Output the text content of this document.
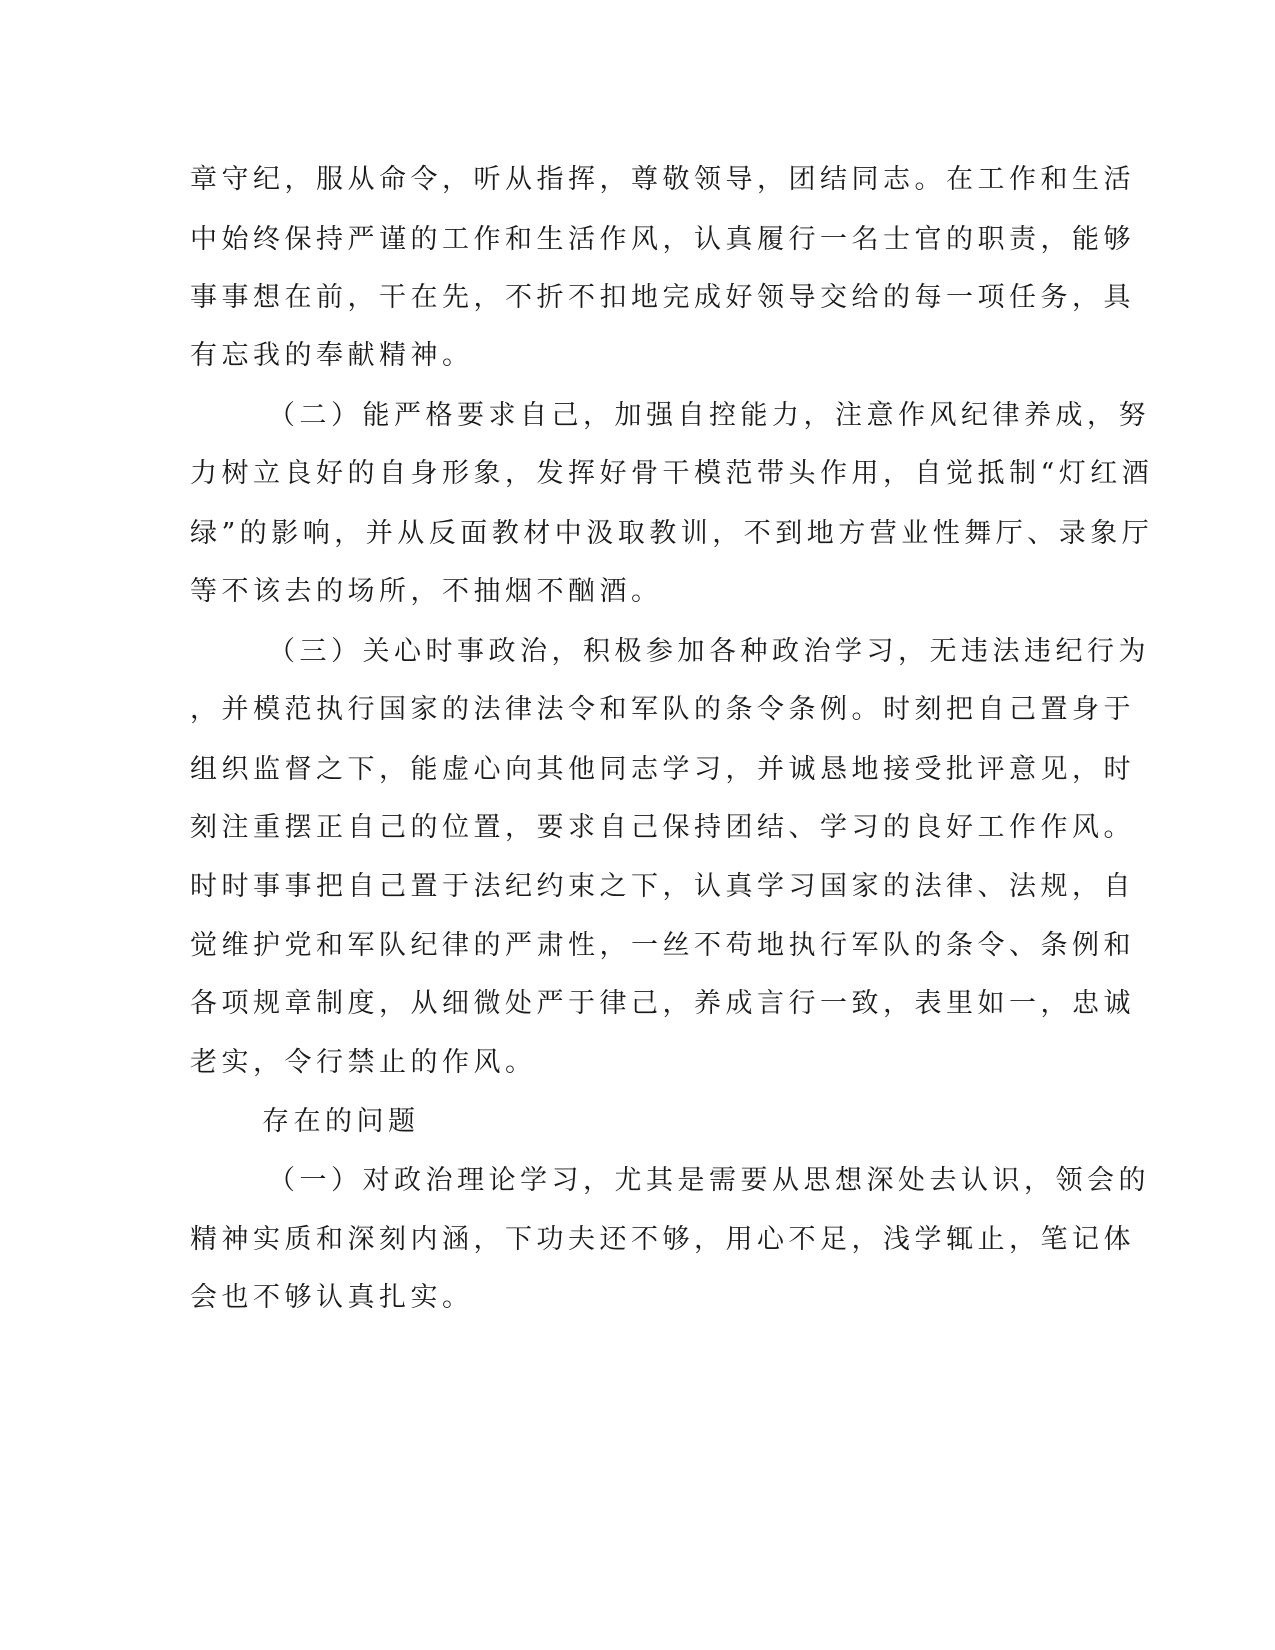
章守纪，服从命令，听从指挥，尊敬领导，团结同志。在工作和生活
中始终保持严谨的工作和生活作风，认真履行一名士官的职责，能够
事事想在前，干在先，不折不扣地完成好领导交给的每一项任务，具
有忘我的奉献精神。
（二）能严格要求自己，加强自控能力，注意作风纪律养成，努
力树立良好的自身形象，发挥好骨干模范带头作用，自觉抵制“灯红酒
绿”的影响，并从反面教材中汲取教训，不到地方营业性舞厅、录象厅
等不该去的场所，不抽烟不酗酒。
（三）关心时事政治，积极参加各种政治学习，无违法违纪行为
，并模范执行国家的法律法令和军队的条令条例。时刻把自己置身于
组织监督之下，能虚心向其他同志学习，并诚恳地接受批评意见，时
刻注重摆正自己的位置，要求自己保持团结、学习的良好工作作风。
时时事事把自己置于法纪约束之下，认真学习国家的法律、法规，自
觉维护党和军队纪律的严肃性，一丝不苟地执行军队的条令、条例和
各项规章制度，从细微处严于律己，养成言行一致，表里如一，忠诚
老实，令行禁止的作风。
存在的问题
（一）对政治理论学习，尤其是需要从思想深处去认识，领会的
精神实质和深刻内涵，下功夫还不够，用心不足，浅学辄止，笔记体
会也不够认真扎实。
